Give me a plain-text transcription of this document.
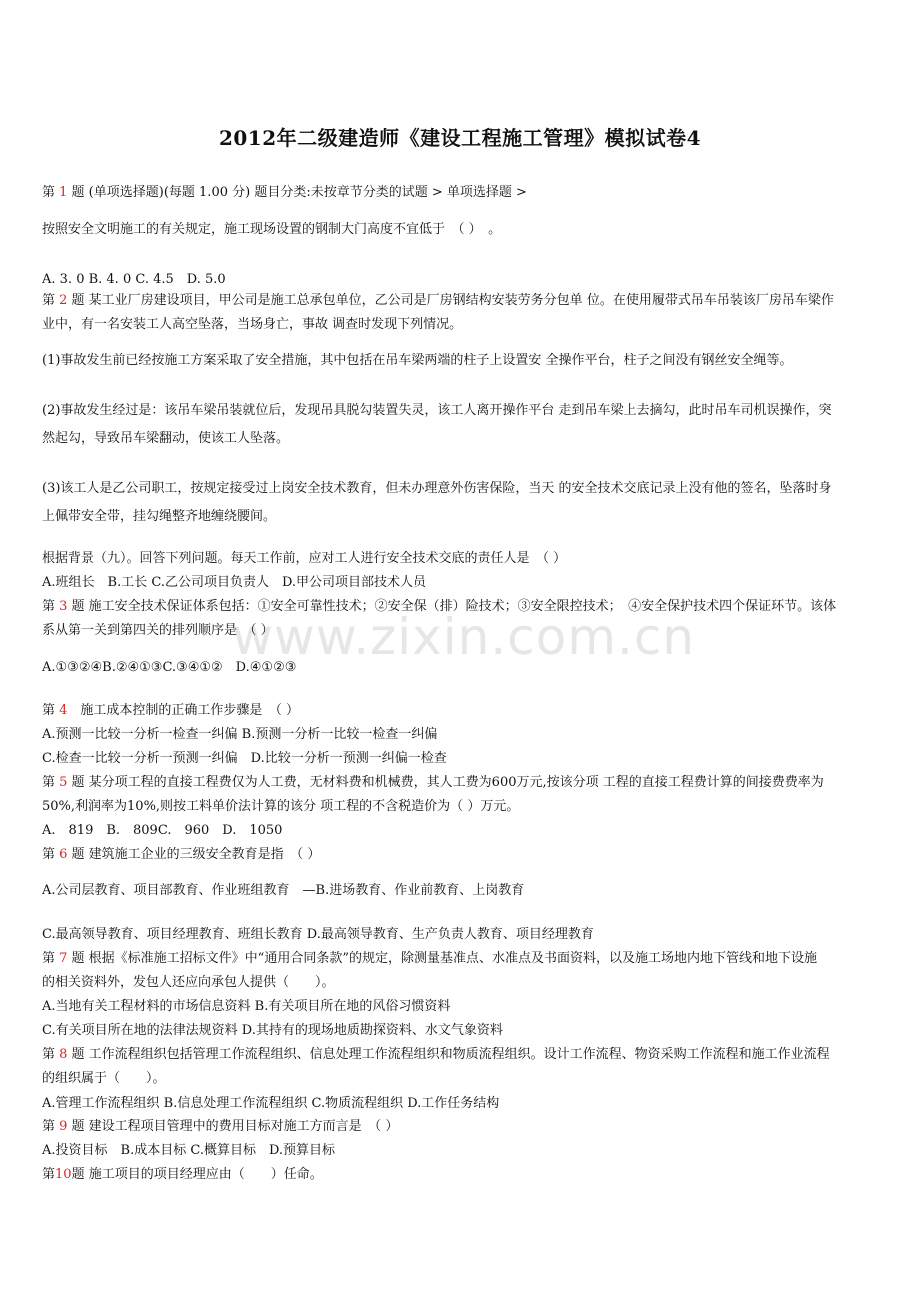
www.zixin.com.cn
2012年二级建造师《建设工程施工管理》模拟试卷4
第 1 题 (单项选择题)(每题 1.00 分) 题目分类:未按章节分类的试题 > 单项选择题 >
按照安全文明施工的有关规定，施工现场设置的钢制大门高度不宜低于　（ ）　。
A. 3. 0 B. 4. 0 C. 4.5　D. 5.0
第 2 题 某工业厂房建设项目，甲公司是施工总承包单位，乙公司是厂房钢结构安装劳务分包单 位。在使用履带式吊车吊装该厂房吊车梁作
业中，有一名安装工人高空坠落，当场身亡，事故 调查时发现下列情况。
(1)事故发生前已经按施工方案采取了安全措施，其中包括在吊车梁两端的柱子上设置安 全操作平台，柱子之间没有钢丝安全绳等。
(2)事故发生经过是：该吊车梁吊装就位后，发现吊具脱勾装置失灵，该工人离开操作平台 走到吊车梁上去摘勾，此时吊车司机误操作，突
然起勾，导致吊车梁翻动，使该工人坠落。
(3)该工人是乙公司职工，按规定接受过上岗安全技术教育，但未办理意外伤害保险，当天 的安全技术交底记录上没有他的签名，坠落时身
上佩带安全带，挂勾绳整齐地缠绕腰间。
根据背景（九）。回答下列问题。每天工作前，应对工人进行安全技术交底的责任人是　（ ）
A.班组长　B.工长 C.乙公司项目负责人　D.甲公司项目部技术人员
第 3 题 施工安全技术保证体系包括：①安全可靠性技术；②安全保（排）险技术；③安全限控技术；　④安全保护技术四个保证环节。该体
系从第一关到第四关的排列顺序是　（ ）
A.①③②④B.②④①③C.③④①②　D.④①②③
第 4　施工成本控制的正确工作步骤是　（ ）
A.预测一比较一分析一检查一纠偏 B.预测一分析一比较一检查一纠偏
C.检查一比较一分析一预测一纠偏　D.比较一分析一预测一纠偏一检查
第 5 题 某分项工程的直接工程费仅为人工费，无材料费和机械费，其人工费为600万元,按该分项 工程的直接工程费计算的间接费费率为
50%,利润率为10%,则按工料单价法计算的该分 项工程的不含税造价为（ ）万元。
A.　819　B.　809C.　960　D.　1050
第 6 题 建筑施工企业的三级安全教育是指　（ ）
A.公司层教育、项目部教育、作业班组教育　—B.进场教育、作业前教育、上岗教育
C.最高领导教育、项目经理教育、班组长教育 D.最高领导教育、生产负责人教育、项目经理教育
第 7 题 根据《标准施工招标文件》中“通用合同条款”的规定，除测量基准点、水准点及书面资料，以及施工场地内地下管线和地下设施
的相关资料外，发包人还应向承包人提供（　　）。
A.当地有关工程材料的市场信息资料 B.有关项目所在地的风俗习惯资料
C.有关项目所在地的法律法规资料 D.其持有的现场地质勘探资料、水文气象资料
第 8 题 工作流程组织包括管理工作流程组织、信息处理工作流程组织和物质流程组织。设计工作流程、物资采购工作流程和施工作业流程
的组织属于（　　）。
A.管理工作流程组织 B.信息处理工作流程组织 C.物质流程组织 D.工作任务结构
第 9 题 建设工程项目管理中的费用目标对施工方而言是　（ ）
A.投资目标　B.成本目标 C.概算目标　D.预算目标
第10题 施工项目的项目经理应由（　　）任命。
